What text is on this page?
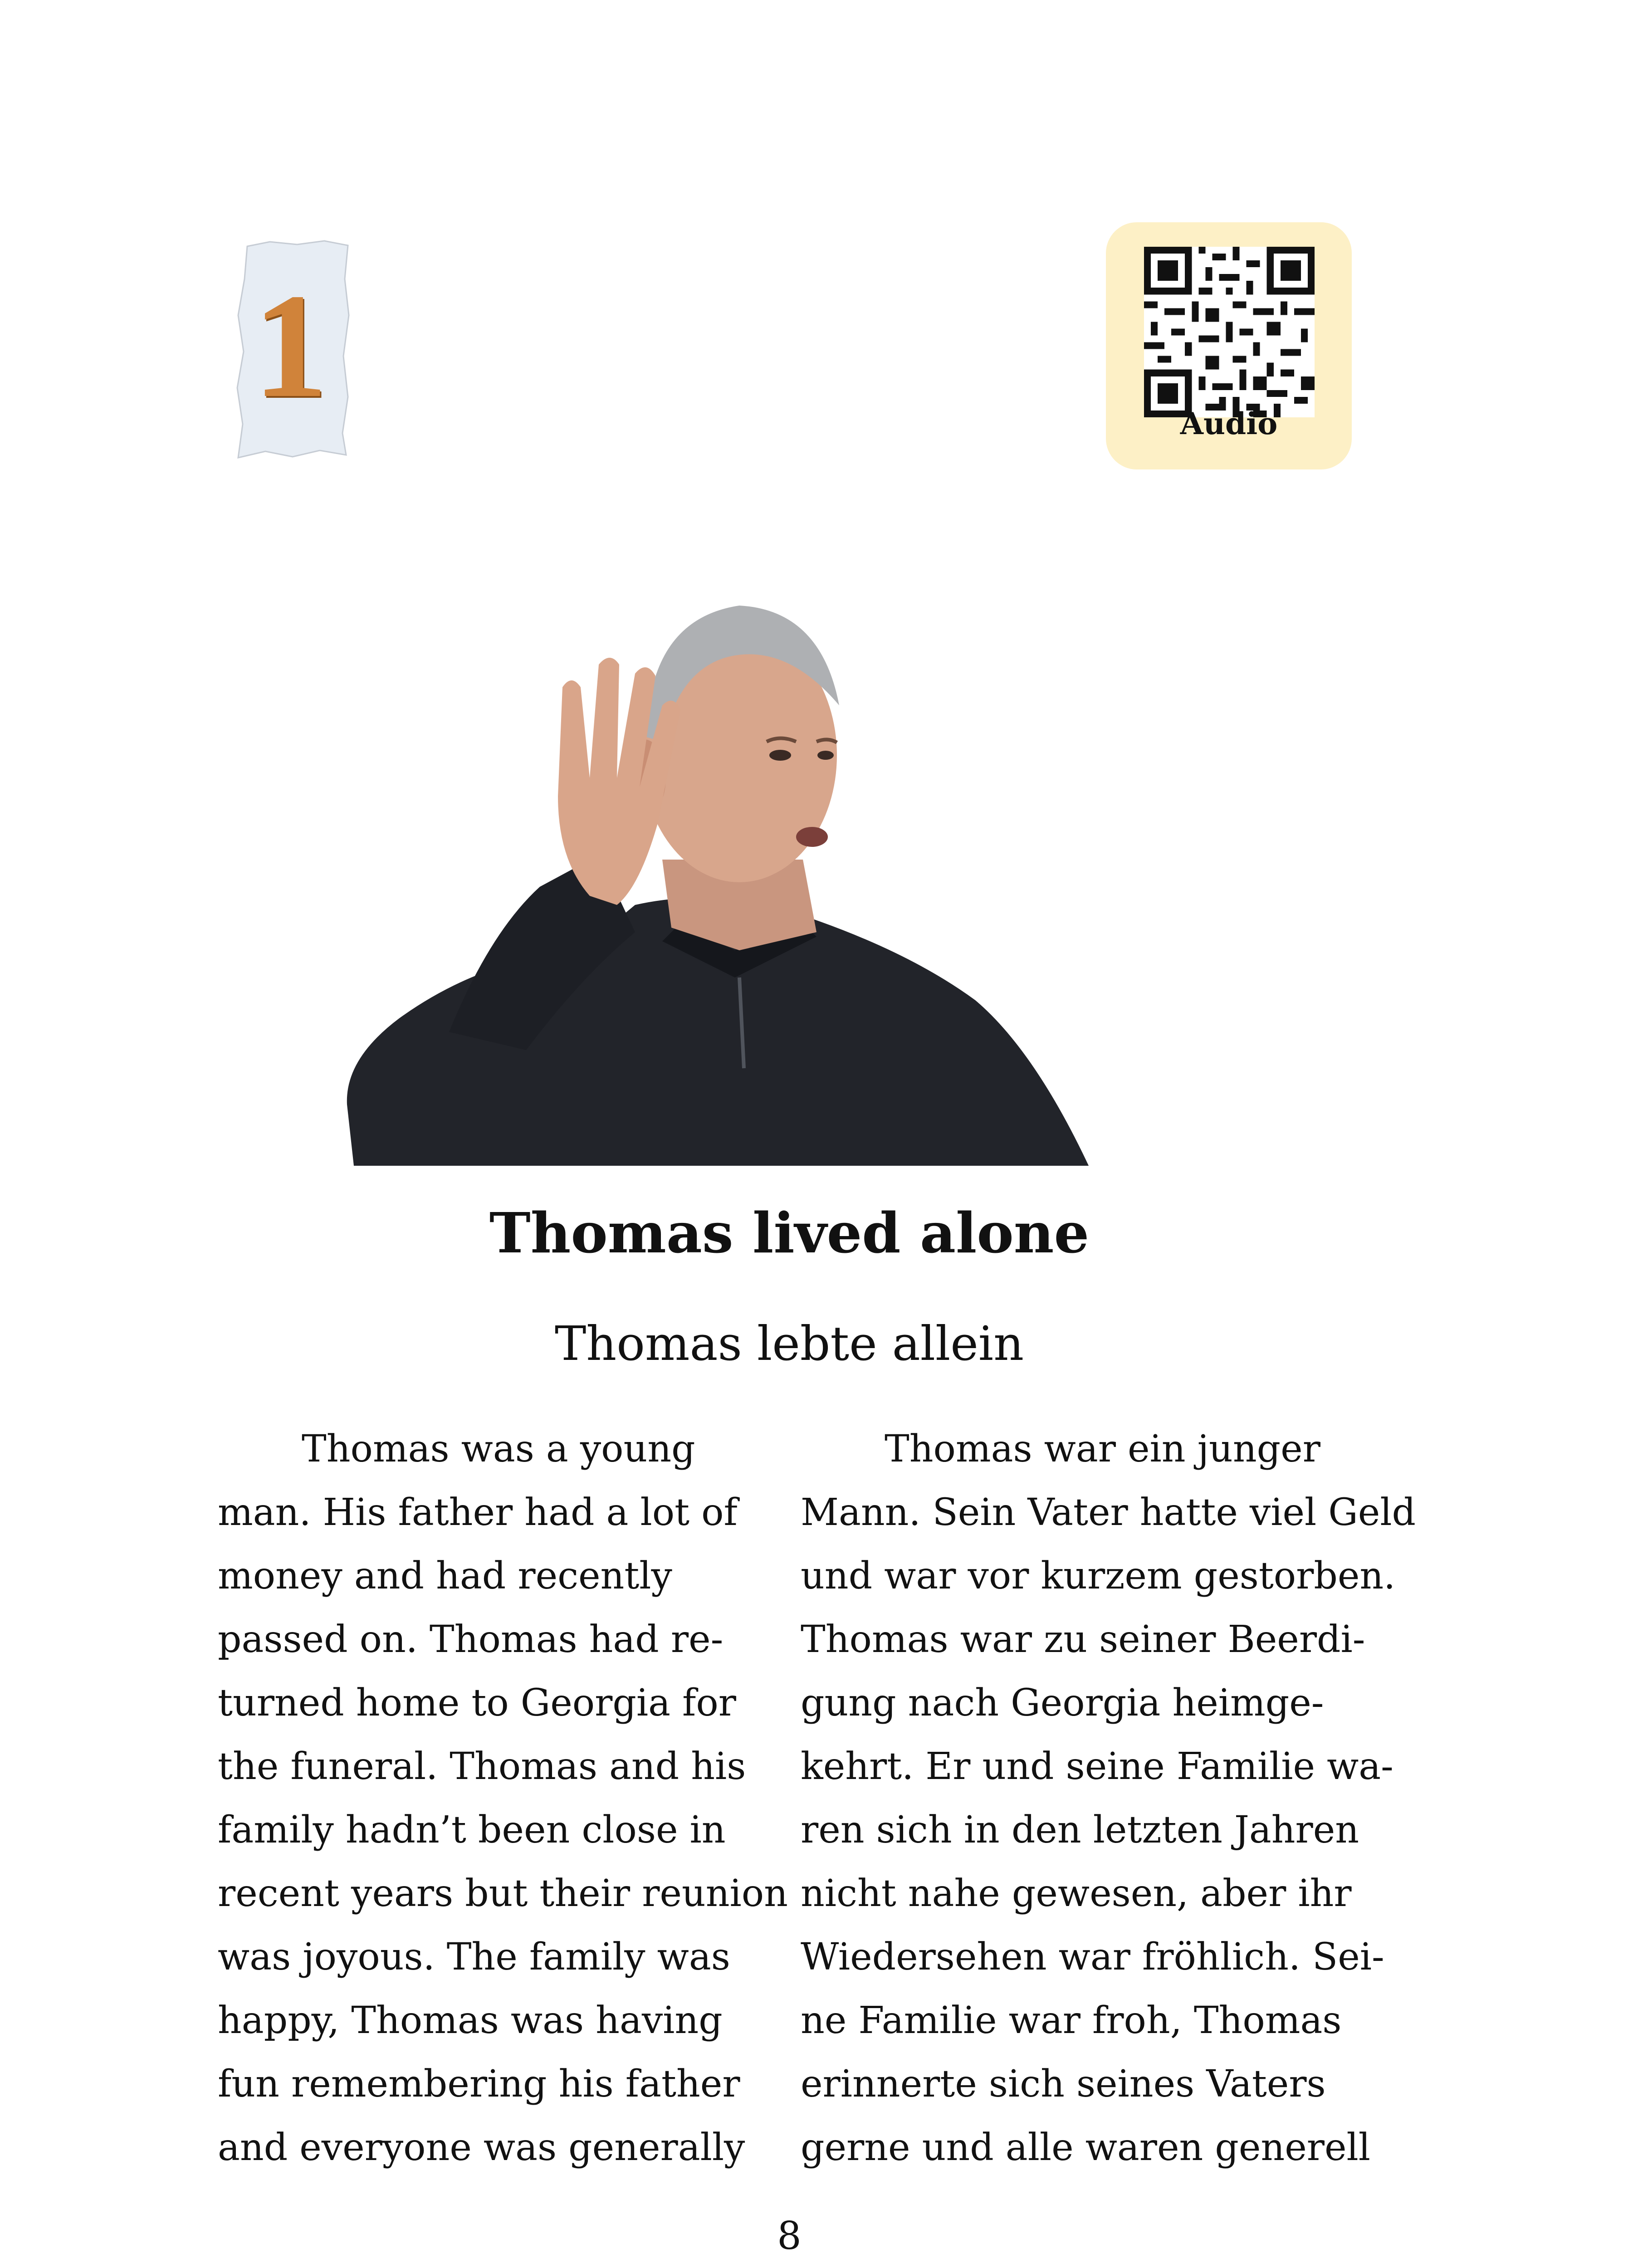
1	Audio
Thomas lived alone
Thomas lebte allein
Thomas was a young
man. His father had a lot of
money and had recently
passed on. Thomas had re-
turned home to Georgia for
the funeral. Thomas and his
family hadn’t been close in
recent years but their reunion
was joyous. The family was
happy, Thomas was having
fun remembering his father
and everyone was generally
Thomas war ein junger
Mann. Sein Vater hatte viel Geld
und war vor kurzem gestorben.
Thomas war zu seiner Beerdi-
gung nach Georgia heimge-
kehrt. Er und seine Familie wa-
ren sich in den letzten Jahren
nicht nahe gewesen, aber ihr
Wiedersehen war fröhlich. Sei-
ne Familie war froh, Thomas
erinnerte sich seines Vaters
gerne und alle waren generell
8
